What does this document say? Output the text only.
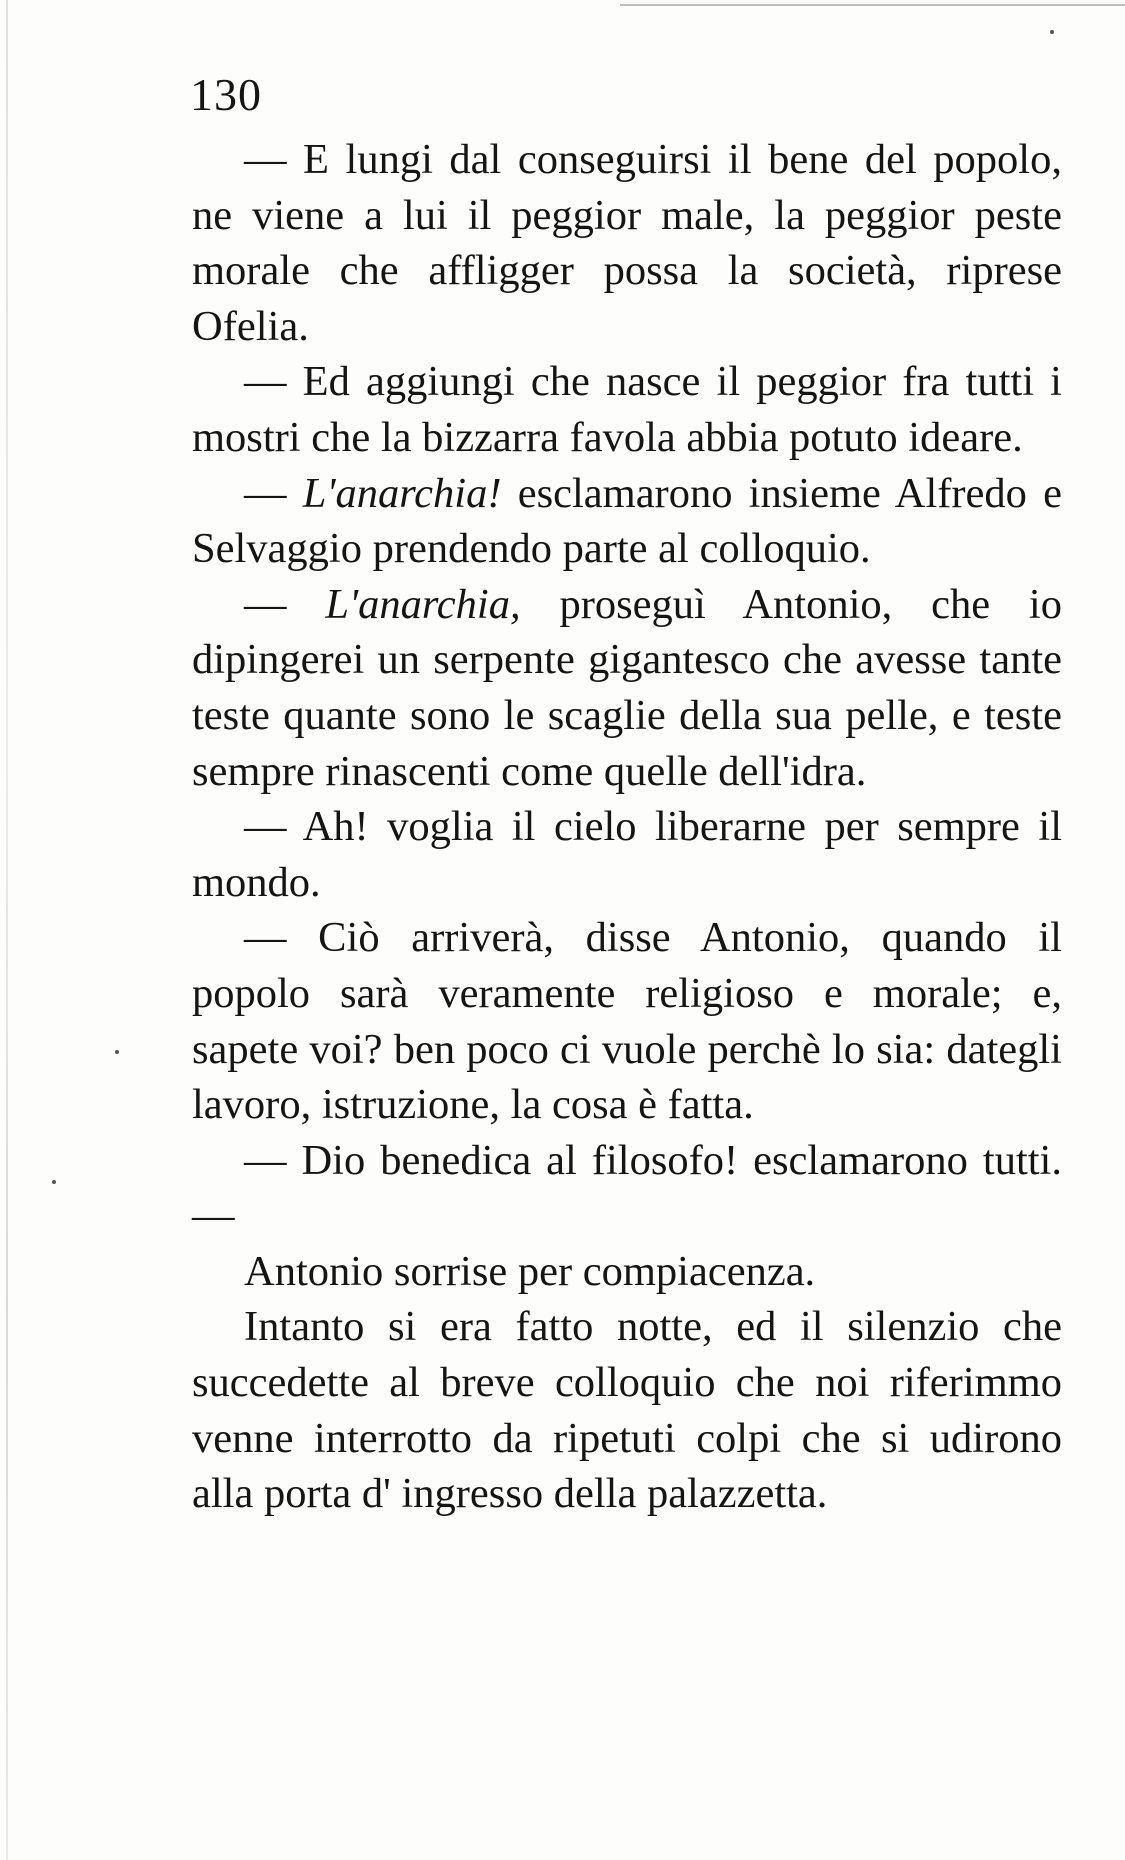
130

— E lungi dal conseguirsi il bene del popolo, ne viene a lui il peggior male, la peggior peste morale che affligger possa la società, riprese Ofelia.

— Ed aggiungi che nasce il peggior fra tutti i mostri che la bizzarra favola abbia potuto ideare.

— L'anarchia! esclamarono insieme Alfredo e Selvaggio prendendo parte al colloquio.

— L'anarchia, proseguì Antonio, che io dipingerei un serpente gigantesco che avesse tante teste quante sono le scaglie della sua pelle, e teste sempre rinascenti come quelle dell'idra.

— Ah! voglia il cielo liberarne per sempre il mondo.

— Ciò arriverà, disse Antonio, quando il popolo sarà veramente religioso e morale; e, sapete voi? ben poco ci vuole perchè lo sia: dategli lavoro, istruzione, la cosa è fatta.

— Dio benedica al filosofo! esclamarono tutti. —

Antonio sorrise per compiacenza.

Intanto si era fatto notte, ed il silenzio che succedette al breve colloquio che noi riferimmo venne interrotto da ripetuti colpi che si udirono alla porta d' ingresso della palazzetta.
